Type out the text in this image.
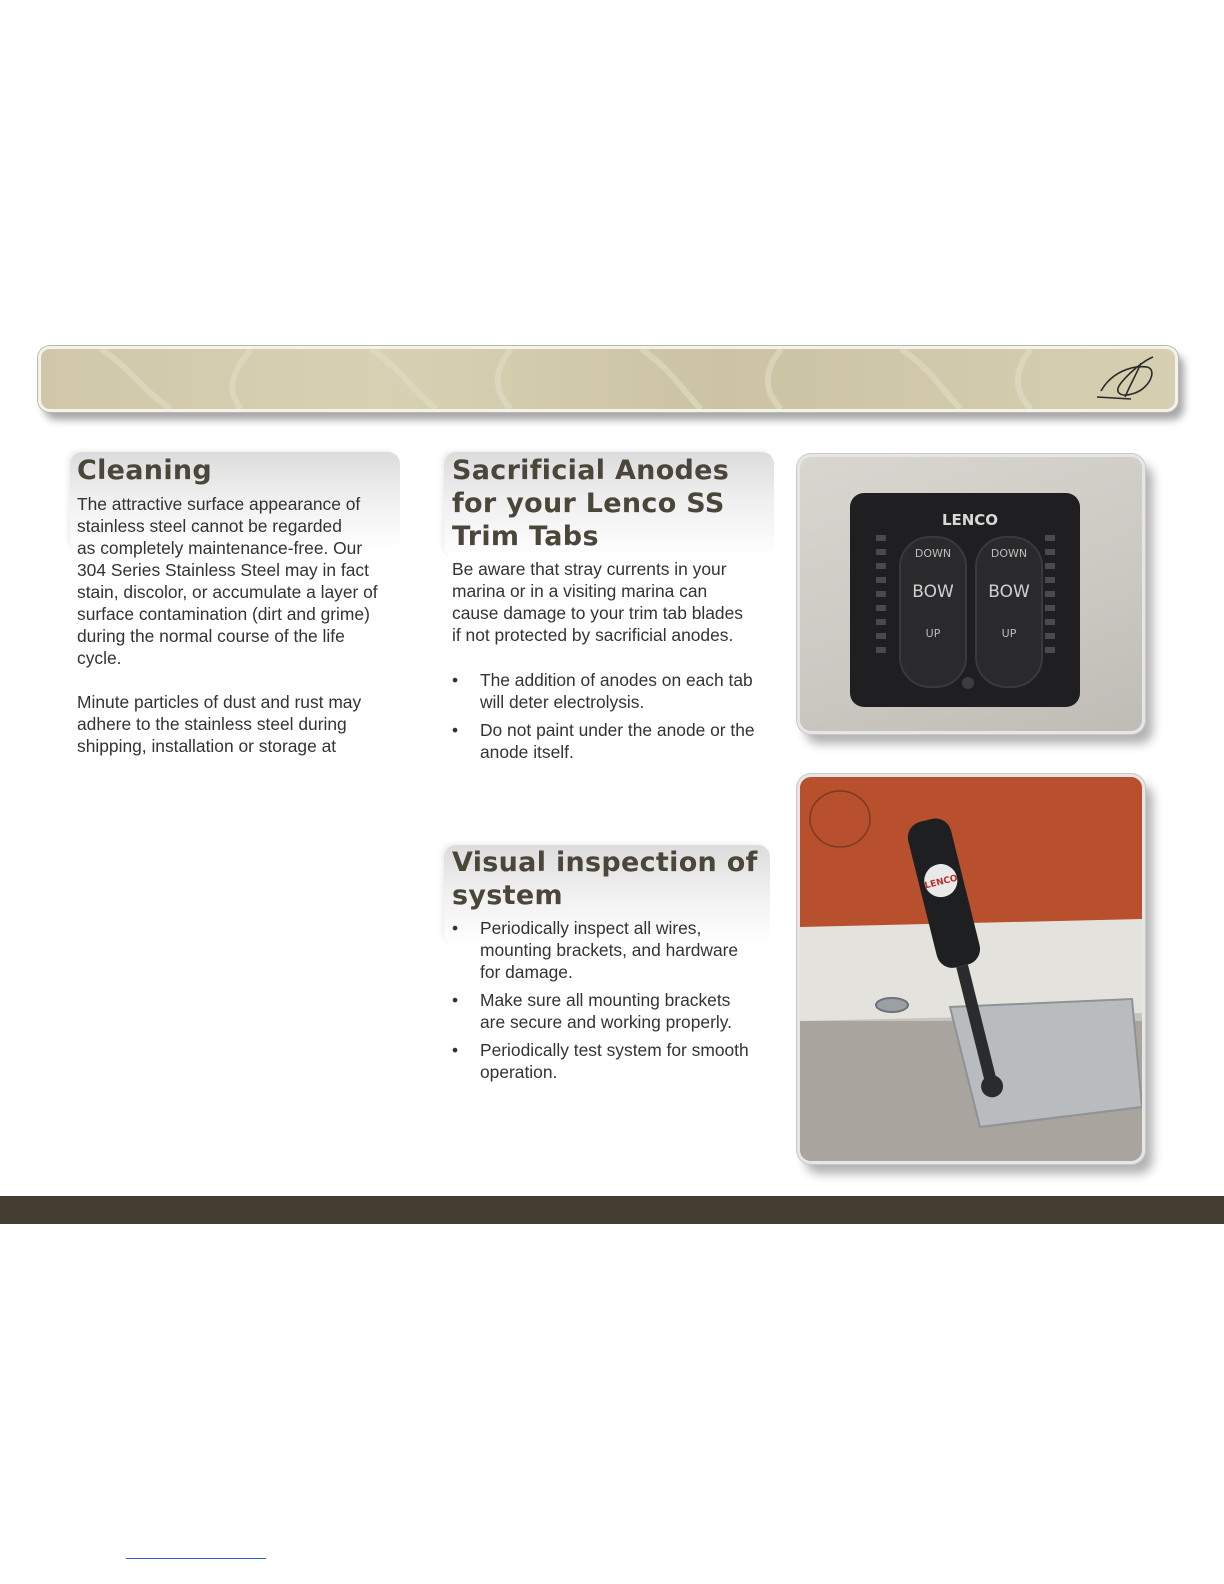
Cleaning
The attractive surface appearance of
stainless steel cannot be regarded
as completely maintenance-free. Our
304 Series Stainless Steel may in fact
stain, discolor, or accumulate a layer of
surface contamination (dirt and grime)
during the normal course of the life
cycle.
Minute particles of dust and rust may
adhere to the stainless steel during
shipping, installation or storage at
Sacrificial Anodes
for your Lenco SS
Trim Tabs
Be aware that stray currents in your
marina or in a visiting marina can
cause damage to your trim tab blades
if not protected by sacrificial anodes.
• The addition of anodes on each tab
will deter electrolysis.
• Do not paint under the anode or the
anode itself.
Visual inspection of
system
• Periodically inspect all wires,
mounting brackets, and hardware
for damage.
• Make sure all mounting brackets
are secure and working properly.
• Periodically test system for smooth
operation.
LENCO
DOWN
BOW
UP
DOWN
BOW
UP
LENCO
